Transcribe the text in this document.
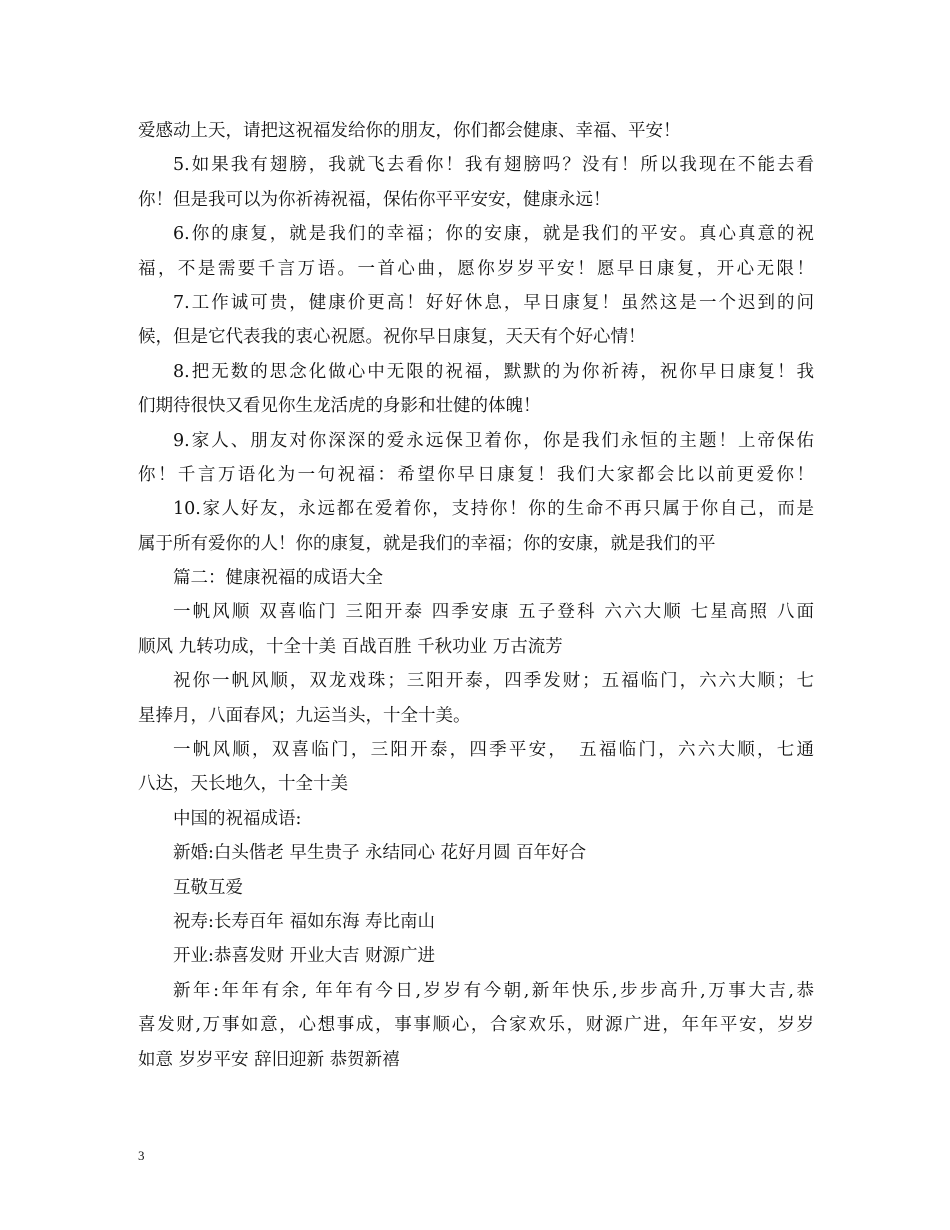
爱感动上天，请把这祝福发给你的朋友，你们都会健康、幸福、平安！

5.如果我有翅膀，我就飞去看你！我有翅膀吗？没有！所以我现在不能去看

你！但是我可以为你祈祷祝福，保佑你平平安安，健康永远！

6.你的康复，就是我们的幸福；你的安康，就是我们的平安。真心真意的祝

福，不是需要千言万语。一首心曲，愿你岁岁平安！愿早日康复，开心无限！

7.工作诚可贵，健康价更高！好好休息，早日康复！虽然这是一个迟到的问

候，但是它代表我的衷心祝愿。祝你早日康复，天天有个好心情！

8.把无数的思念化做心中无限的祝福，默默的为你祈祷，祝你早日康复！我

们期待很快又看见你生龙活虎的身影和壮健的体魄！

9.家人、朋友对你深深的爱永远保卫着你，你是我们永恒的主题！上帝保佑

你！千言万语化为一句祝福：希望你早日康复！我们大家都会比以前更爱你！

10.家人好友，永远都在爱着你，支持你！你的生命不再只属于你自己，而是

属于所有爱你的人！你的康复，就是我们的幸福；你的安康，就是我们的平

篇二：健康祝福的成语大全

一帆风顺 双喜临门 三阳开泰 四季安康 五子登科 六六大顺 七星高照 八面

顺风 九转功成，十全十美 百战百胜 千秋功业 万古流芳

祝你一帆风顺，双龙戏珠；三阳开泰，四季发财；五福临门，六六大顺；七

星捧月，八面春风；九运当头，十全十美。

一帆风顺，双喜临门，三阳开泰，四季平安，　五福临门，六六大顺，七通

八达，天长地久，十全十美

中国的祝福成语:

新婚:白头偕老 早生贵子 永结同心 花好月圆 百年好合

互敬互爱

祝寿:长寿百年 福如东海 寿比南山

开业:恭喜发财 开业大吉 财源广进

新年:年年有余, 年年有今日,岁岁有今朝,新年快乐,步步高升,万事大吉,恭

喜发财,万事如意，心想事成，事事顺心，合家欢乐，财源广进，年年平安，岁岁

如意 岁岁平安 辞旧迎新 恭贺新禧

3
